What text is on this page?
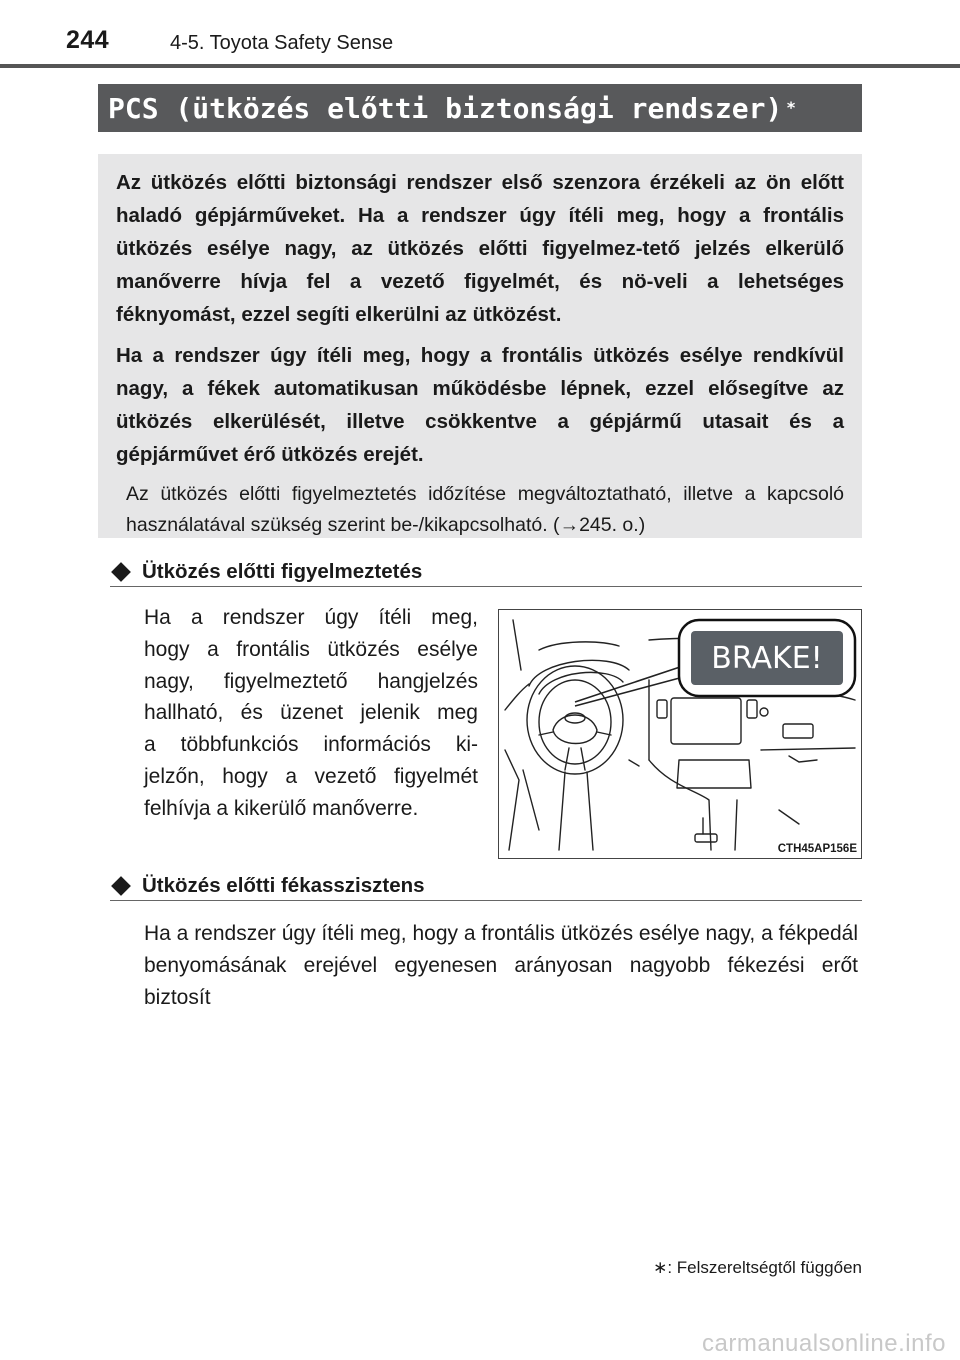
244	4-5. Toyota Safety Sense
PCS (ütközés előtti biztonsági rendszer) ∗

Az ütközés előtti biztonsági rendszer első szenzora érzékeli az ön előtt haladó gépjárműveket. Ha a rendszer úgy ítéli meg, hogy a frontális ütközés esélye nagy, az ütközés előtti figyelmez-tető jelzés elkerülő manőverre hívja fel a vezető figyelmét, és nö-veli a lehetséges féknyomást, ezzel segíti elkerülni az ütközést.

Ha a rendszer úgy ítéli meg, hogy a frontális ütközés esélye rendkívül nagy, a fékek automatikusan működésbe lépnek, ezzel elősegítve az ütközés elkerülését, illetve csökkentve a gépjármű utasait és a gépjárművet érő ütközés erejét.

Az ütközés előtti figyelmeztetés időzítése megváltoztatható, illetve a kapcsoló használatával szükség szerint be-/kikapcsolható. (→245. o.)

Ütközés előtti figyelmeztetés
Ha a rendszer úgy ítéli meg,
hogy a frontális ütközés esélye
nagy, figyelmeztető hangjelzés
hallható, és üzenet jelenik meg
a többfunkciós információs ki-
jelzőn, hogy a vezető figyelmét
felhívja a kikerülő manőverre.
BRAKE!
CTH45AP156E
Ütközés előtti fékasszisztens

Ha a rendszer úgy ítéli meg, hogy a frontális ütközés esélye nagy, a fékpedál benyomásának erejével egyenesen arányosan nagyobb fékezési erőt biztosít

∗: Felszereltségtől függően
carmanualsonline.info
